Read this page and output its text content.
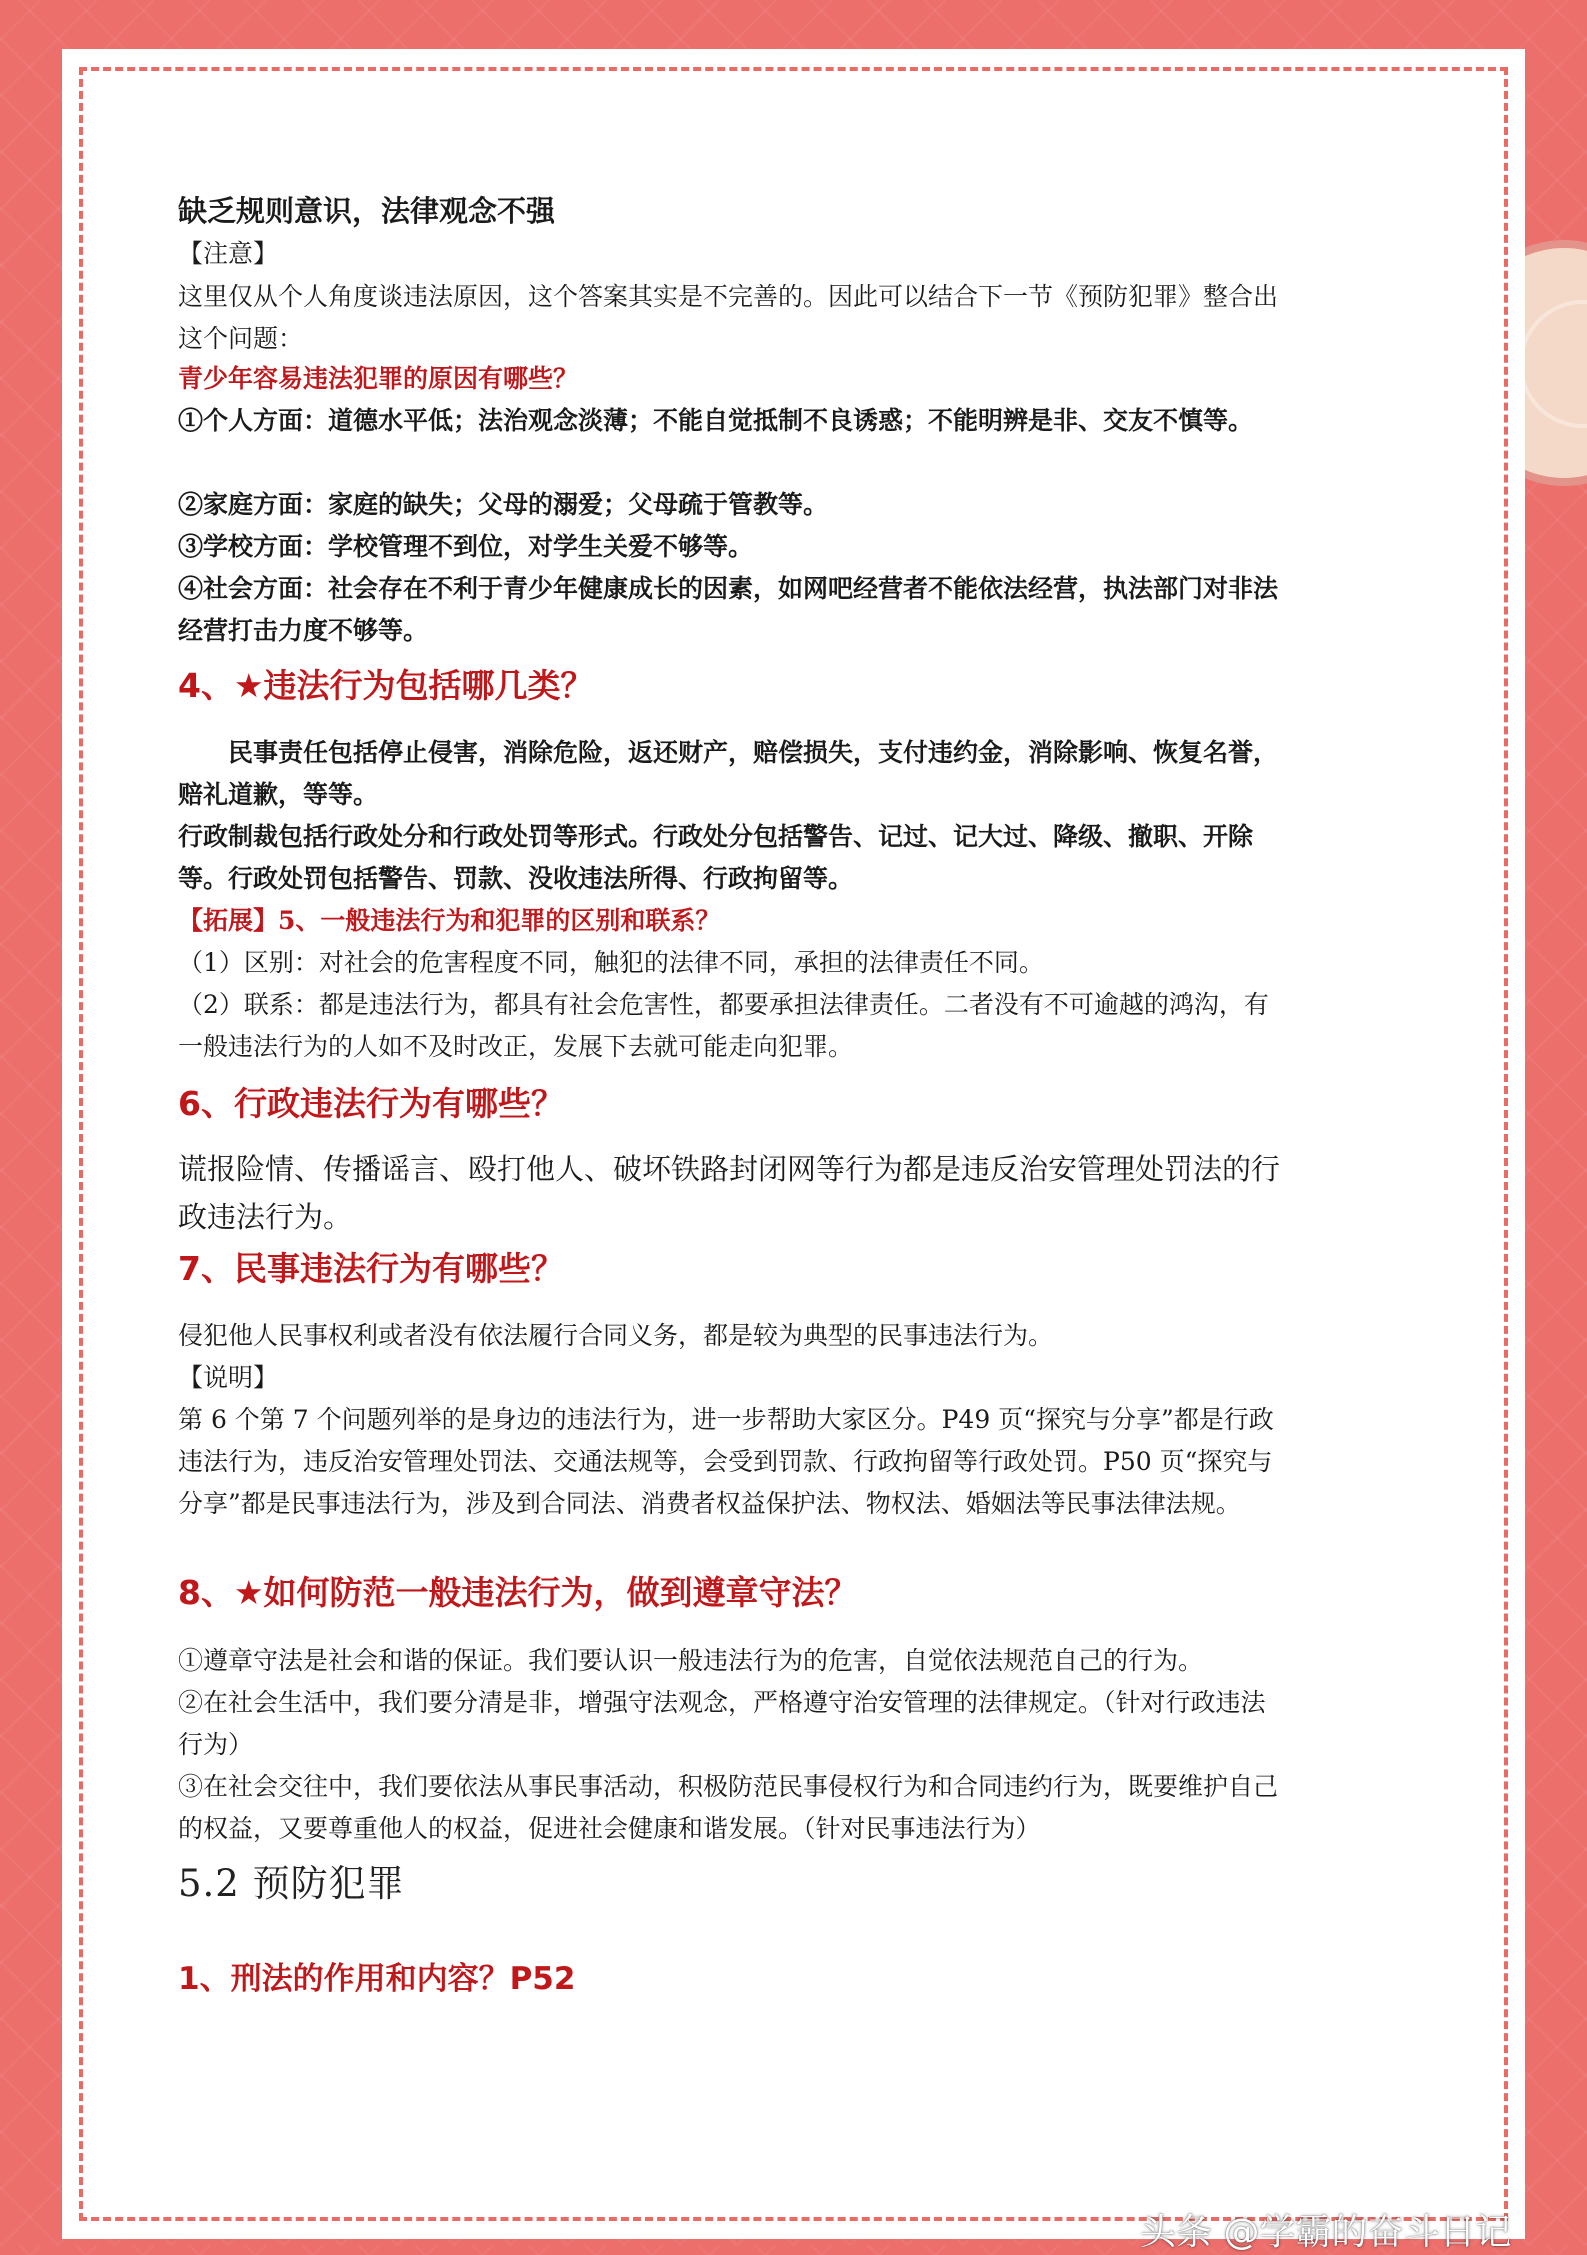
缺乏规则意识，法律观念不强

【注意】

这里仅从个人角度谈违法原因，这个答案其实是不完善的。因此可以结合下一节《预防犯罪》整合出这个问题：

青少年容易违法犯罪的原因有哪些？

①个人方面：道德水平低；法治观念淡薄；不能自觉抵制不良诱惑；不能明辨是非、交友不慎等。

②家庭方面：家庭的缺失；父母的溺爱；父母疏于管教等。

③学校方面：学校管理不到位，对学生关爱不够等。

④社会方面：社会存在不利于青少年健康成长的因素，如网吧经营者不能依法经营，执法部门对非法经营打击力度不够等。

4、★违法行为包括哪几类？

民事责任包括停止侵害，消除危险，返还财产，赔偿损失，支付违约金，消除影响、恢复名誉，赔礼道歉，等等。

行政制裁包括行政处分和行政处罚等形式。行政处分包括警告、记过、记大过、降级、撤职、开除等。行政处罚包括警告、罚款、没收违法所得、行政拘留等。

【拓展】5、一般违法行为和犯罪的区别和联系？

（1）区别：对社会的危害程度不同，触犯的法律不同，承担的法律责任不同。

（2）联系：都是违法行为，都具有社会危害性，都要承担法律责任。二者没有不可逾越的鸿沟，有一般违法行为的人如不及时改正，发展下去就可能走向犯罪。

6、行政违法行为有哪些？

谎报险情、传播谣言、殴打他人、破坏铁路封闭网等行为都是违反治安管理处罚法的行政违法行为。

7、民事违法行为有哪些？

侵犯他人民事权利或者没有依法履行合同义务，都是较为典型的民事违法行为。

【说明】

第 6 个第 7 个问题列举的是身边的违法行为，进一步帮助大家区分。P49 页“探究与分享”都是行政违法行为，违反治安管理处罚法、交通法规等，会受到罚款、行政拘留等行政处罚。P50 页“探究与分享”都是民事违法行为，涉及到合同法、消费者权益保护法、物权法、婚姻法等民事法律法规。

8、★如何防范一般违法行为，做到遵章守法？

①遵章守法是社会和谐的保证。我们要认识一般违法行为的危害，自觉依法规范自己的行为。

②在社会生活中，我们要分清是非，增强守法观念，严格遵守治安管理的法律规定。（针对行政违法行为）

③在社会交往中，我们要依法从事民事活动，积极防范民事侵权行为和合同违约行为，既要维护自己的权益，又要尊重他人的权益，促进社会健康和谐发展。（针对民事违法行为）

5.2 预防犯罪

1、刑法的作用和内容？P52

头条 @学霸的奋斗日记
